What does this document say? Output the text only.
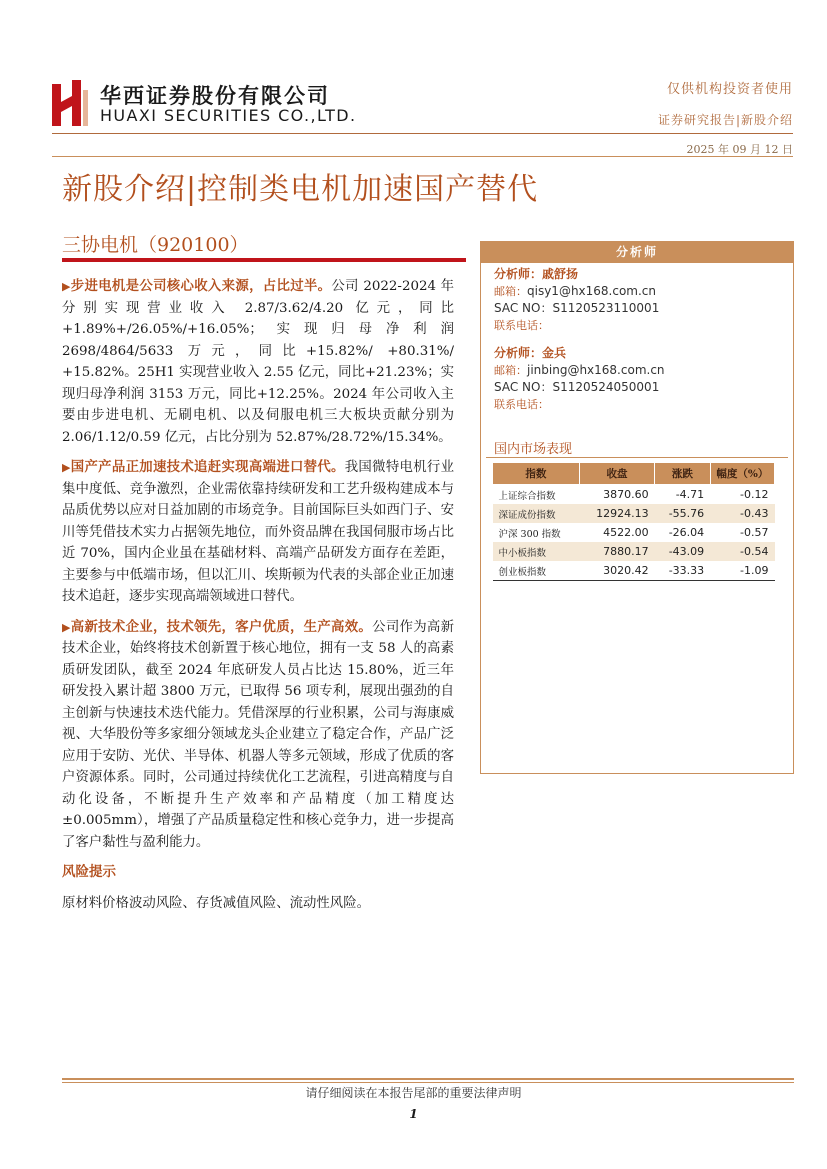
华西证券股份有限公司
HUAXI SECURITIES CO.,LTD.
仅供机构投资者使用
证券研究报告|新股介绍
2025 年 09 月 12 日
新股介绍|控制类电机加速国产替代
三协电机（920100）

▶步进电机是公司核心收入来源，占比过半。公司 2022-2024 年分别实现营业收入 2.87/3.62/4.20 亿元，同比+1.89%+/26.05%/+16.05%；实现归母净利润 2698/4864/5633 万元，同比+15.82%/ +80.31%/ +15.82%。25H1 实现营业收入 2.55 亿元，同比+21.23%；实现归母净利润 3153 万元，同比+12.25%。2024 年公司收入主要由步进电机、无刷电机、以及伺服电机三大板块贡献分别为 2.06/1.12/0.59 亿元，占比分别为 52.87%/28.72%/15.34%。

▶国产产品正加速技术追赶实现高端进口替代。我国微特电机行业集中度低、竞争激烈，企业需依靠持续研发和工艺升级构建成本与品质优势以应对日益加剧的市场竞争。目前国际巨头如西门子、安川等凭借技术实力占据领先地位，而外资品牌在我国伺服市场占比近 70%，国内企业虽在基础材料、高端产品研发方面存在差距，主要参与中低端市场，但以汇川、埃斯顿为代表的头部企业正加速技术追赶，逐步实现高端领域进口替代。

▶高新技术企业，技术领先，客户优质，生产高效。公司作为高新技术企业，始终将技术创新置于核心地位，拥有一支 58 人的高素质研发团队，截至 2024 年底研发人员占比达 15.80%，近三年研发投入累计超 3800 万元，已取得 56 项专利，展现出强劲的自主创新与快速技术迭代能力。凭借深厚的行业积累，公司与海康威视、大华股份等多家细分领域龙头企业建立了稳定合作，产品广泛应用于安防、光伏、半导体、机器人等多元领域，形成了优质的客户资源体系。同时，公司通过持续优化工艺流程，引进高精度与自动化设备，不断提升生产效率和产品精度（加工精度达±0.005mm），增强了产品质量稳定性和核心竞争力，进一步提高了客户黏性与盈利能力。

风险提示

原材料价格波动风险、存货减值风险、流动性风险。

分析师
分析师：戚舒扬
邮箱：qisy1@hx168.com.cn
SAC NO：S1120523110001
联系电话：
分析师：金兵
邮箱：jinbing@hx168.com.cn
SAC NO：S1120524050001
联系电话：
国内市场表现
指数	收盘	涨跌	幅度（%）
上证综合指数	3870.60	-4.71	-0.12
深证成份指数	12924.13	-55.76	-0.43
沪深 300 指数	4522.00	-26.04	-0.57
中小板指数	7880.17	-43.09	-0.54
创业板指数	3020.42	-33.33	-1.09
请仔细阅读在本报告尾部的重要法律声明
1
